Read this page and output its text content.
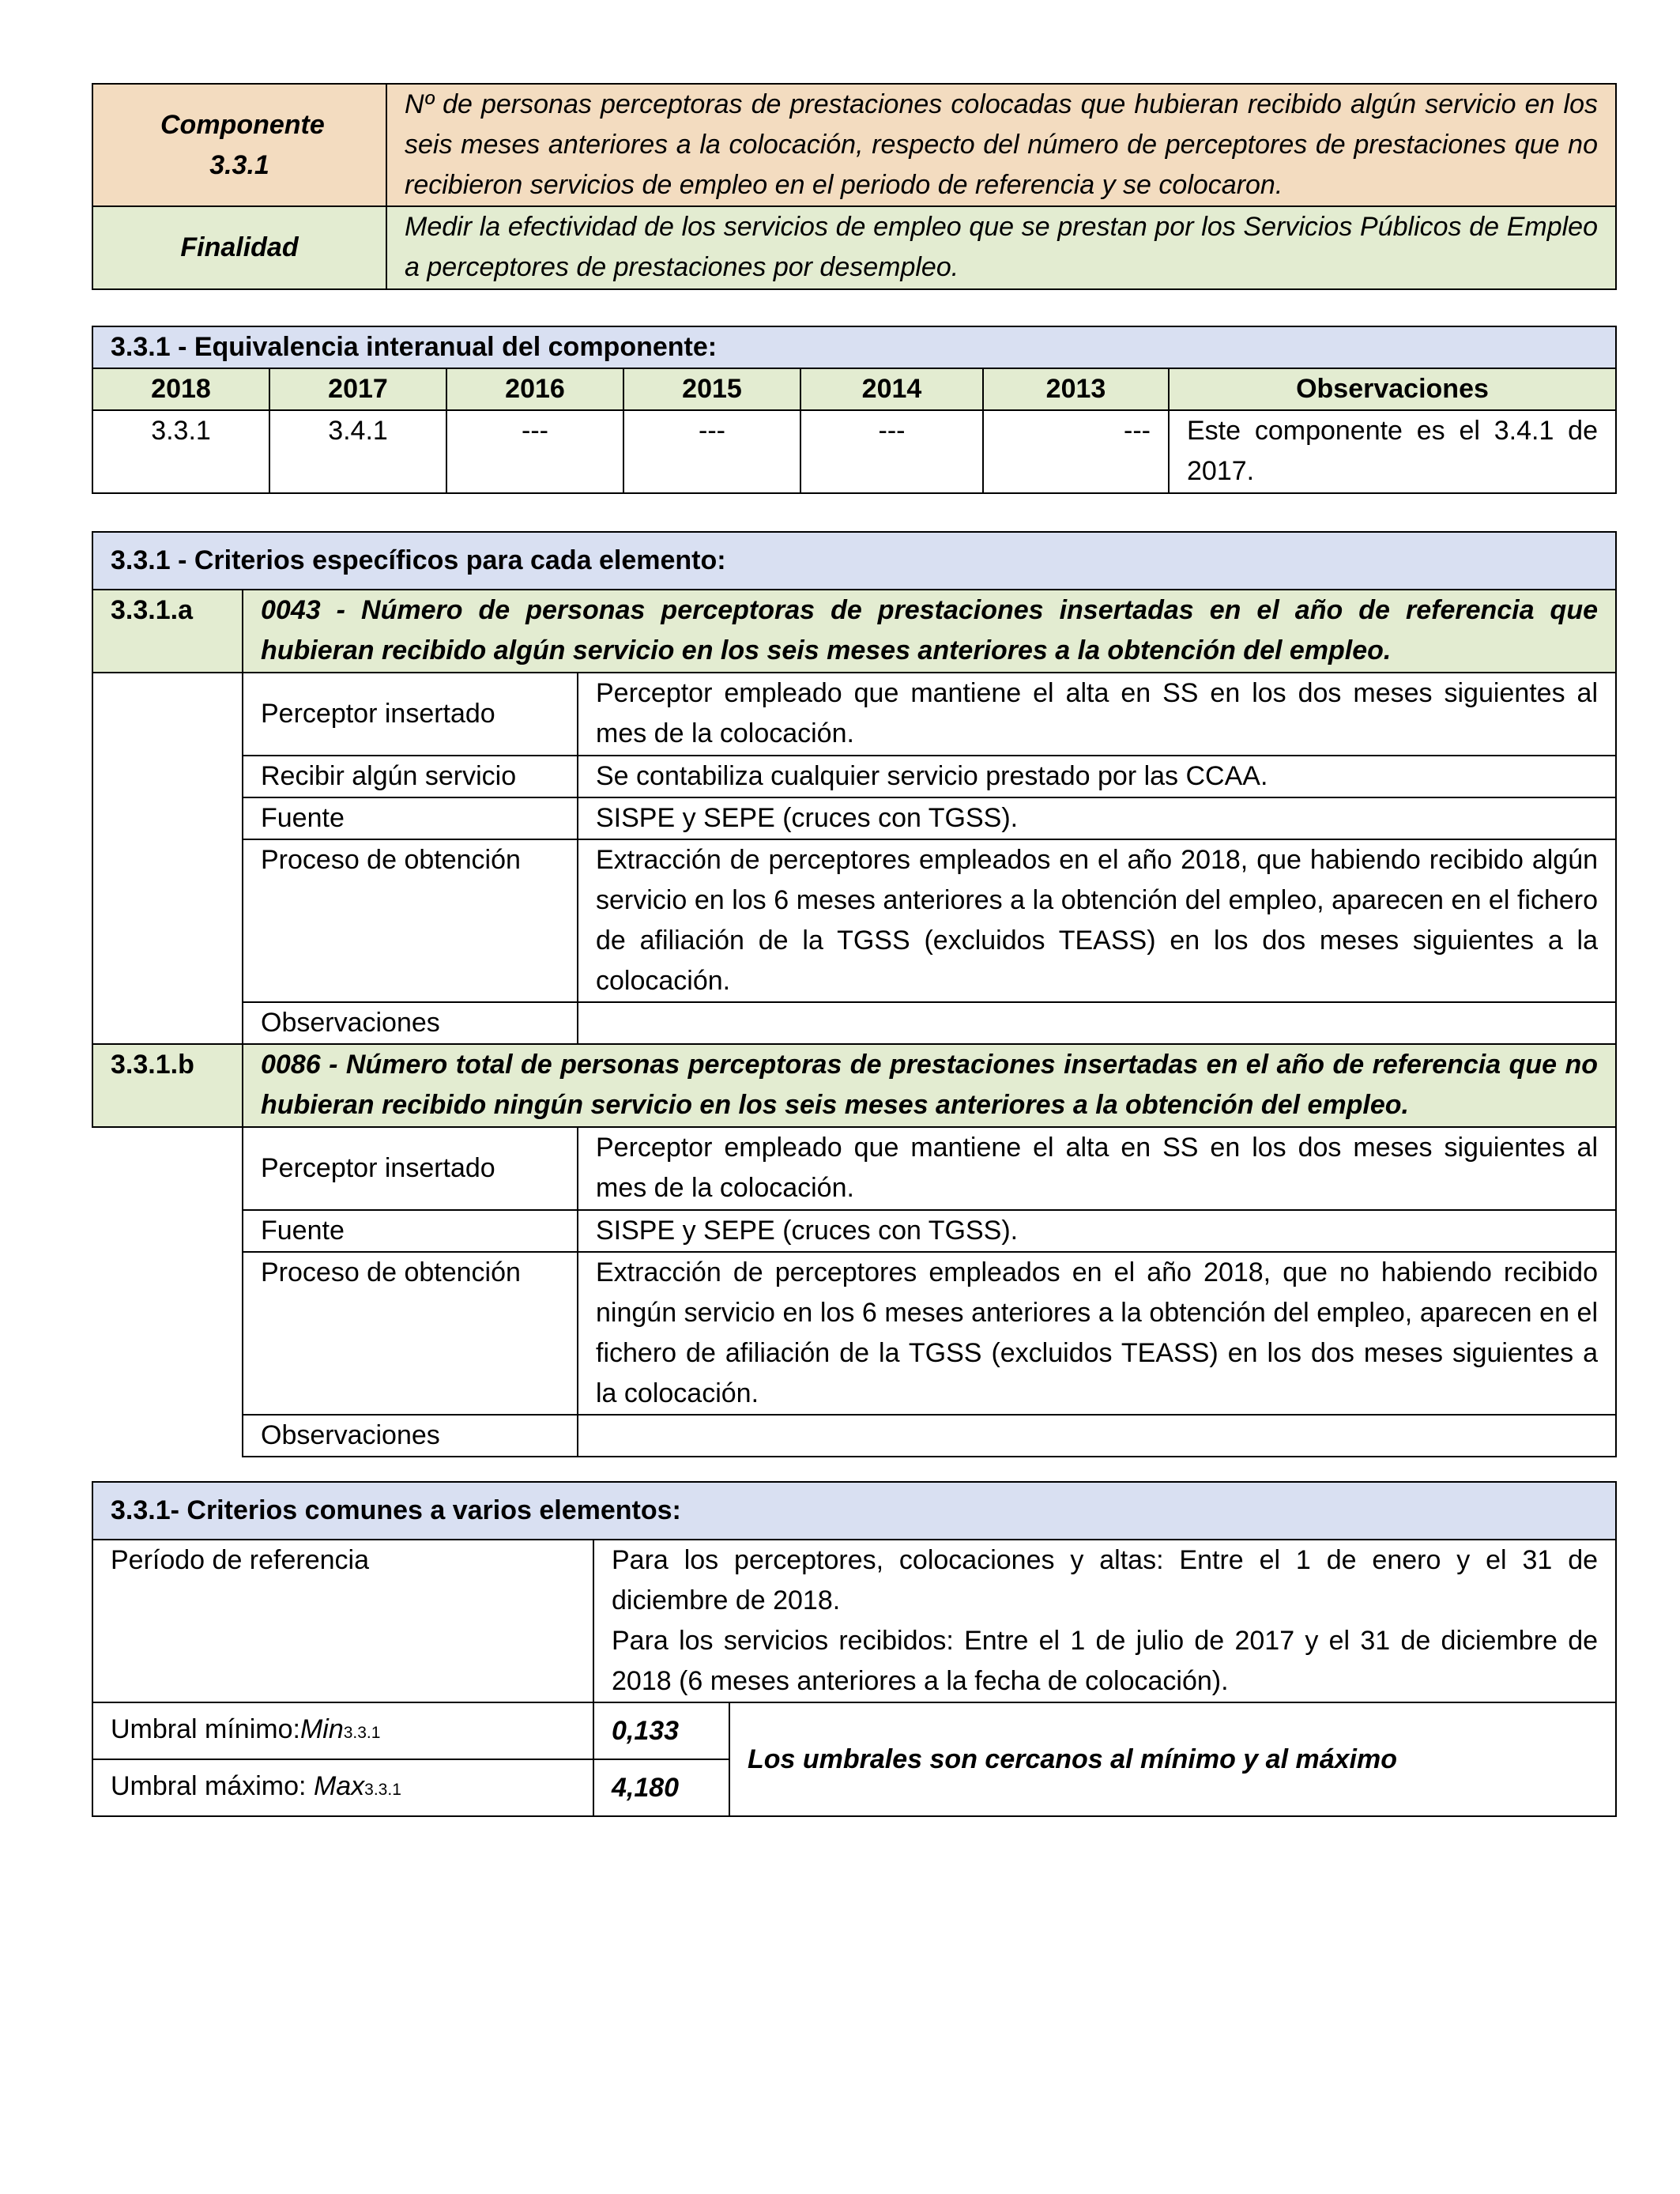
Componente 3.3.1	Nº de personas perceptoras de prestaciones colocadas que hubieran recibido algún servicio en los seis meses anteriores a la colocación, respecto del número de perceptores de prestaciones que no recibieron servicios de empleo en el periodo de referencia y se colocaron.
Finalidad	Medir la efectividad de los servicios de empleo que se prestan por los Servicios Públicos de Empleo a perceptores de prestaciones por desempleo.
3.3.1 - Equivalencia interanual del componente:						
2018	2017	2016	2015	2014	2013	Observaciones
3.3.1	3.4.1	---	---	---	---	Este componente es el 3.4.1 de 2017.
3.3.1 - Criterios específicos para cada elemento:		
3.3.1.a	0043 - Número de personas perceptoras de prestaciones insertadas en el año de referencia que hubieran recibido algún servicio en los seis meses anteriores a la obtención del empleo.	
	Perceptor insertado	Perceptor empleado que mantiene el alta en SS en los dos meses siguientes al mes de la colocación.
	Recibir algún servicio	Se contabiliza cualquier servicio prestado por las CCAA.
	Fuente	SISPE y SEPE (cruces con TGSS).
	Proceso de obtención	Extracción de perceptores empleados en el año 2018, que habiendo recibido algún servicio en los 6 meses anteriores a la obtención del empleo, aparecen en el fichero de afiliación de la TGSS (excluidos TEASS) en los dos meses siguientes a la colocación.
	Observaciones	
3.3.1.b	0086 - Número total de personas perceptoras de prestaciones insertadas en el año de referencia que no hubieran recibido ningún servicio en los seis meses anteriores a la obtención del empleo.	
	Perceptor insertado	Perceptor empleado que mantiene el alta en SS en los dos meses siguientes al mes de la colocación.
	Fuente	SISPE y SEPE (cruces con TGSS).
	Proceso de obtención	Extracción de perceptores empleados en el año 2018, que no habiendo recibido ningún servicio en los 6 meses anteriores a la obtención del empleo, aparecen en el fichero de afiliación de la TGSS (excluidos TEASS) en los dos meses siguientes a la colocación.
	Observaciones	
3.3.1- Criterios comunes a varios elementos:		
Período de referencia	Para los perceptores, colocaciones y altas: Entre el 1 de enero y el 31 de diciembre de 2018.
Para los servicios recibidos: Entre el 1 de julio de 2017 y el 31 de diciembre de 2018 (6 meses anteriores a la fecha de colocación).	

Umbral mínimo:Min3.3.1	0,133	Los umbrales son cercanos al mínimo y al máximo
Umbral máximo: Max3.3.1	4,180	
